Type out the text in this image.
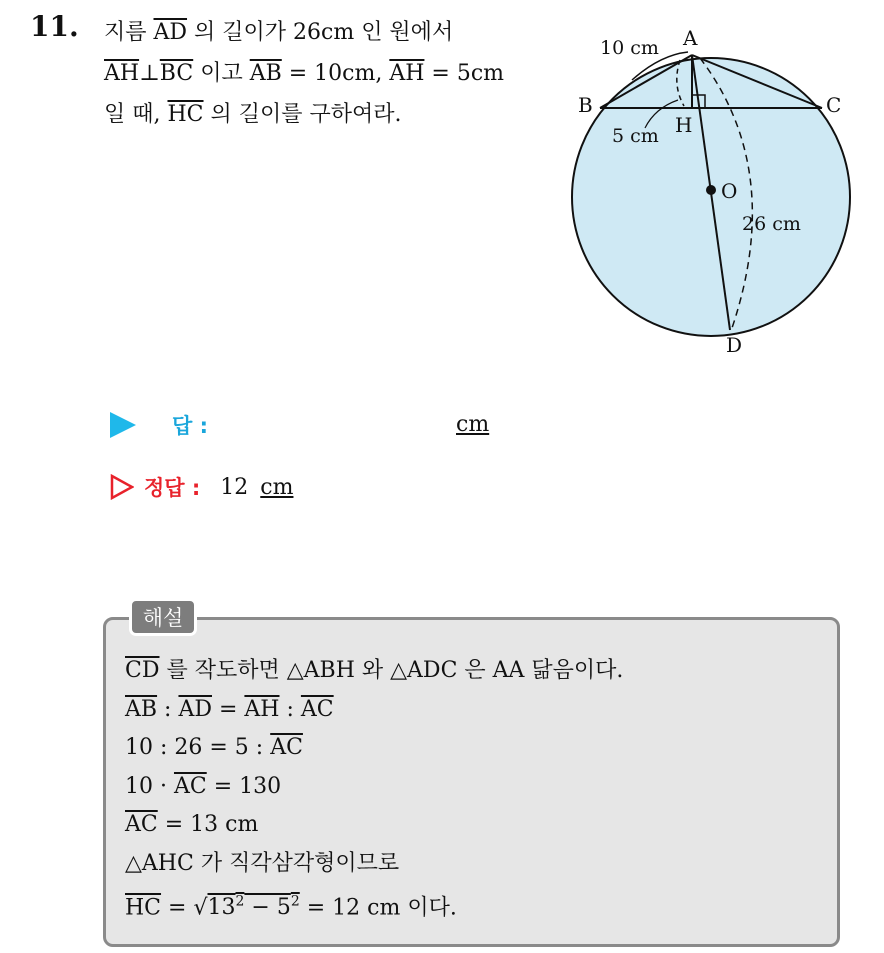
11. 지름 $\overline{AD}$ 의 길이가 26cm 인 원에서
$\overline{AH}\perp\overline{BC}$ 이고 $\overline{AB} = 10cm$, $\overline{AH} = 5cm$
일 때, $\overline{HC}$ 의 길이를 구하여라.
A
B	C
H
O
D
10 cm
5 cm
26 cm
답 :	cm
정답 : 12 cm
해설
$\overline{CD}$ 를 작도하면 △ABH 와 △ADC 은 AA 닮음이다.
$\overline{AB}$ : $\overline{AD} = \overline{AH}$ : $\overline{AC}$
10 : 26 = 5 : $\overline{AC}$
$10 \cdot \overline{AC} = 130$
$\overline{AC} = 13$ cm
△AHC 가 직각삼각형이므로
$\overline{HC} = √13^2 - 5^2 = 12$ cm 이다.
